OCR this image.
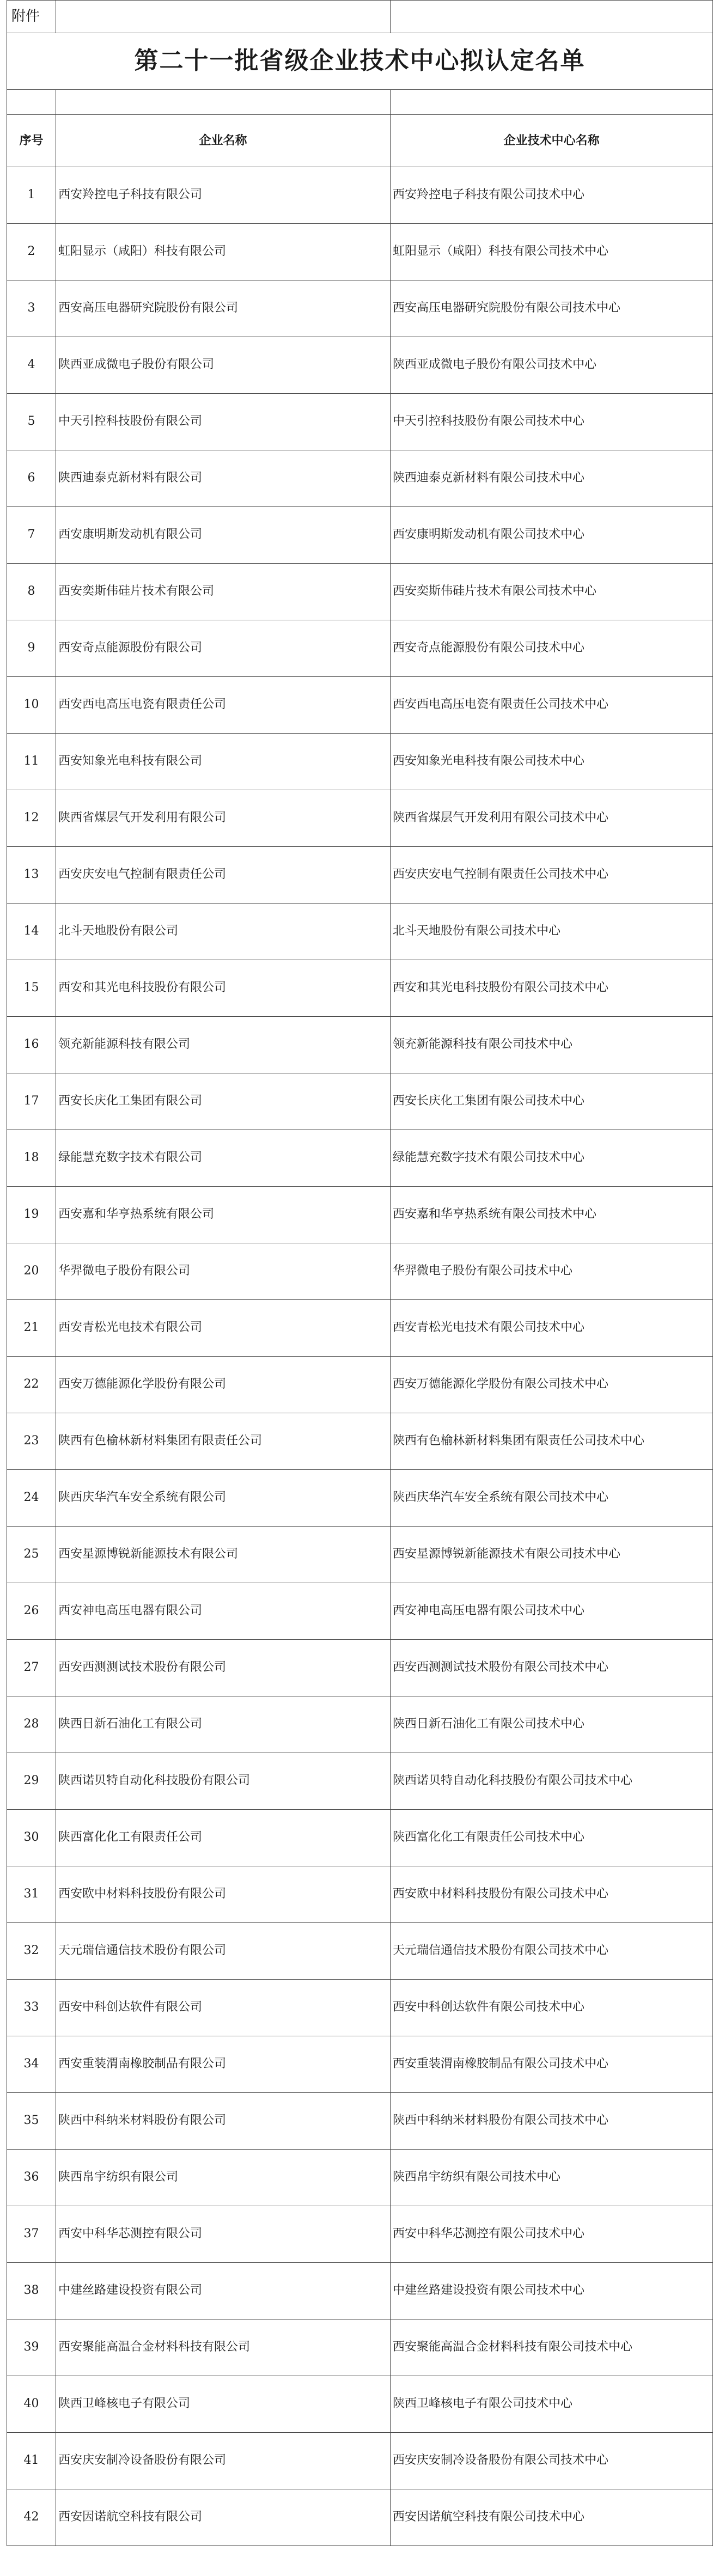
附件		
第二十一批省级企业技术中心拟认定名单		

序号	企业名称	企业技术中心名称
1	西安羚控电子科技有限公司	西安羚控电子科技有限公司技术中心
2	虹阳显示（咸阳）科技有限公司	虹阳显示（咸阳）科技有限公司技术中心
3	西安高压电器研究院股份有限公司	西安高压电器研究院股份有限公司技术中心
4	陕西亚成微电子股份有限公司	陕西亚成微电子股份有限公司技术中心
5	中天引控科技股份有限公司	中天引控科技股份有限公司技术中心
6	陕西迪泰克新材料有限公司	陕西迪泰克新材料有限公司技术中心
7	西安康明斯发动机有限公司	西安康明斯发动机有限公司技术中心
8	西安奕斯伟硅片技术有限公司	西安奕斯伟硅片技术有限公司技术中心
9	西安奇点能源股份有限公司	西安奇点能源股份有限公司技术中心
10	西安西电高压电瓷有限责任公司	西安西电高压电瓷有限责任公司技术中心
11	西安知象光电科技有限公司	西安知象光电科技有限公司技术中心
12	陕西省煤层气开发利用有限公司	陕西省煤层气开发利用有限公司技术中心
13	西安庆安电气控制有限责任公司	西安庆安电气控制有限责任公司技术中心
14	北斗天地股份有限公司	北斗天地股份有限公司技术中心
15	西安和其光电科技股份有限公司	西安和其光电科技股份有限公司技术中心
16	领充新能源科技有限公司	领充新能源科技有限公司技术中心
17	西安长庆化工集团有限公司	西安长庆化工集团有限公司技术中心
18	绿能慧充数字技术有限公司	绿能慧充数字技术有限公司技术中心
19	西安嘉和华亨热系统有限公司	西安嘉和华亨热系统有限公司技术中心
20	华羿微电子股份有限公司	华羿微电子股份有限公司技术中心
21	西安青松光电技术有限公司	西安青松光电技术有限公司技术中心
22	西安万德能源化学股份有限公司	西安万德能源化学股份有限公司技术中心
23	陕西有色榆林新材料集团有限责任公司	陕西有色榆林新材料集团有限责任公司技术中心
24	陕西庆华汽车安全系统有限公司	陕西庆华汽车安全系统有限公司技术中心
25	西安星源博锐新能源技术有限公司	西安星源博锐新能源技术有限公司技术中心
26	西安神电高压电器有限公司	西安神电高压电器有限公司技术中心
27	西安西测测试技术股份有限公司	西安西测测试技术股份有限公司技术中心
28	陕西日新石油化工有限公司	陕西日新石油化工有限公司技术中心
29	陕西诺贝特自动化科技股份有限公司	陕西诺贝特自动化科技股份有限公司技术中心
30	陕西富化化工有限责任公司	陕西富化化工有限责任公司技术中心
31	西安欧中材料科技股份有限公司	西安欧中材料科技股份有限公司技术中心
32	天元瑞信通信技术股份有限公司	天元瑞信通信技术股份有限公司技术中心
33	西安中科创达软件有限公司	西安中科创达软件有限公司技术中心
34	西安重装渭南橡胶制品有限公司	西安重装渭南橡胶制品有限公司技术中心
35	陕西中科纳米材料股份有限公司	陕西中科纳米材料股份有限公司技术中心
36	陕西帛宇纺织有限公司	陕西帛宇纺织有限公司技术中心
37	西安中科华芯测控有限公司	西安中科华芯测控有限公司技术中心
38	中建丝路建设投资有限公司	中建丝路建设投资有限公司技术中心
39	西安聚能高温合金材料科技有限公司	西安聚能高温合金材料科技有限公司技术中心
40	陕西卫峰核电子有限公司	陕西卫峰核电子有限公司技术中心
41	西安庆安制冷设备股份有限公司	西安庆安制冷设备股份有限公司技术中心
42	西安因诺航空科技有限公司	西安因诺航空科技有限公司技术中心
